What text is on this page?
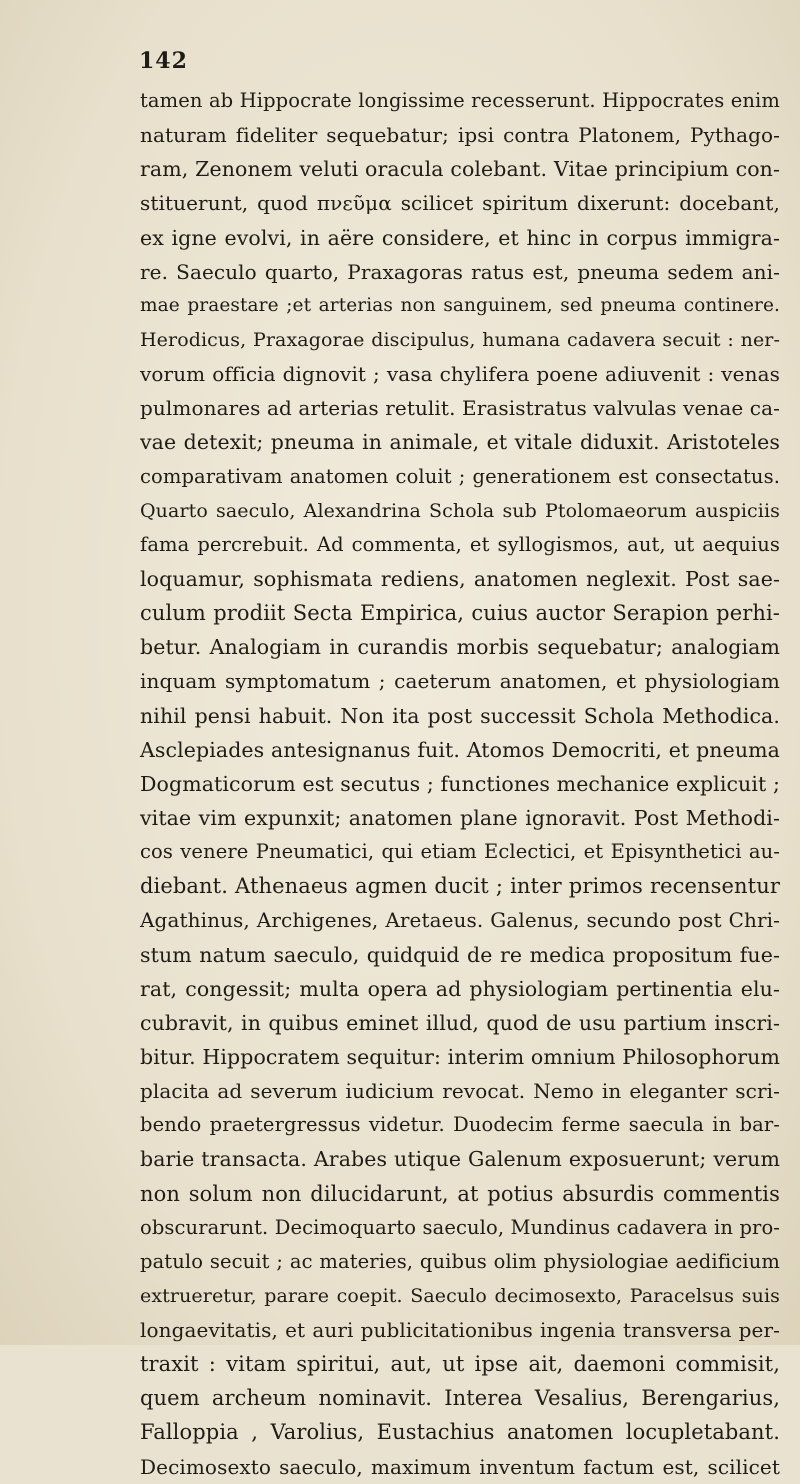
142
tamen ab Hippocrate longissime recesserunt. Hippocrates enim
naturam fideliter sequebatur; ipsi contra Platonem, Pythago-
ram, Zenonem veluti oracula colebant. Vitae principium con-
stituerunt, quod πνεῦμα scilicet spiritum dixerunt: docebant,
ex igne evolvi, in aëre considere, et hinc in corpus immigra-
re. Saeculo quarto, Praxagoras ratus est, pneuma sedem ani-
mae praestare ;et arterias non sanguinem, sed pneuma continere.
Herodicus, Praxagorae discipulus, humana cadavera secuit : ner-
vorum officia dignovit ; vasa chylifera poene adiuvenit : venas
pulmonares ad arterias retulit. Erasistratus valvulas venae ca-
vae detexit; pneuma in animale, et vitale diduxit. Aristoteles
comparativam anatomen coluit ; generationem est consectatus.
Quarto saeculo, Alexandrina Schola sub Ptolomaeorum auspiciis
fama percrebuit. Ad commenta, et syllogismos, aut, ut aequius
loquamur, sophismata rediens, anatomen neglexit. Post sae-
culum prodiit Secta Empirica, cuius auctor Serapion perhi-
betur. Analogiam in curandis morbis sequebatur; analogiam
inquam symptomatum ; caeterum anatomen, et physiologiam
nihil pensi habuit. Non ita post successit Schola Methodica.
Asclepiades antesignanus fuit. Atomos Democriti, et pneuma
Dogmaticorum est secutus ; functiones mechanice explicuit ;
vitae vim expunxit; anatomen plane ignoravit. Post Methodi-
cos venere Pneumatici, qui etiam Eclectici, et Episynthetici au-
diebant. Athenaeus agmen ducit ; inter primos recensentur
Agathinus, Archigenes, Aretaeus. Galenus, secundo post Chri-
stum natum saeculo, quidquid de re medica propositum fue-
rat, congessit; multa opera ad physiologiam pertinentia elu-
cubravit, in quibus eminet illud, quod de usu partium inscri-
bitur. Hippocratem sequitur: interim omnium Philosophorum
placita ad severum iudicium revocat. Nemo in eleganter scri-
bendo praetergressus videtur. Duodecim ferme saecula in bar-
barie transacta. Arabes utique Galenum exposuerunt; verum
non solum non dilucidarunt, at potius absurdis commentis
obscurarunt. Decimoquarto saeculo, Mundinus cadavera in pro-
patulo secuit ; ac materies, quibus olim physiologiae aedificium
extrueretur, parare coepit. Saeculo decimosexto, Paracelsus suis
longaevitatis, et auri publicitationibus ingenia transversa per-
traxit : vitam spiritui, aut, ut ipse ait, daemoni commisit,
quem archeum nominavit. Interea Vesalius, Berengarius,
Falloppia , Varolius, Eustachius anatomen locupletabant.
Decimosexto saeculo, maximum inventum factum est, scilicet
